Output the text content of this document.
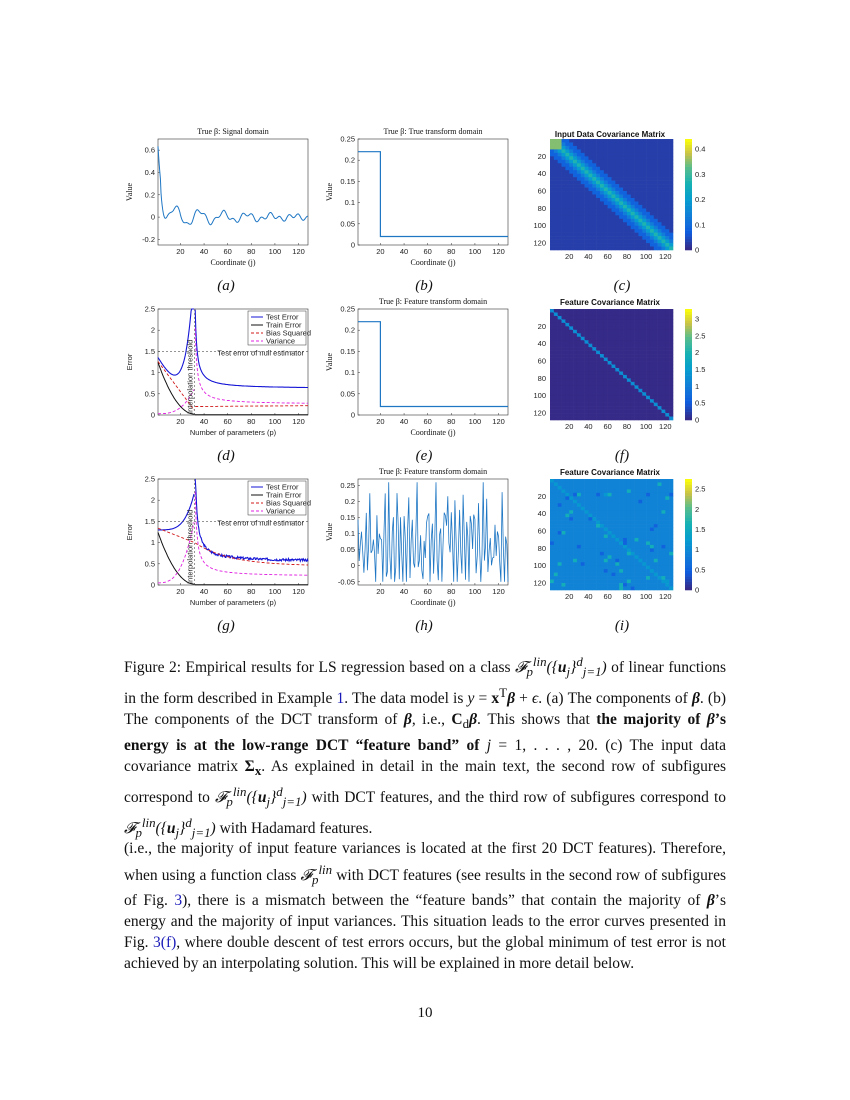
True β: Signal domain
20 40 60 80 100 120
-0.2
0
0.2
0.4
0.6
Coordinate (j)
Value
(a)
True β: True transform domain
20 40 60 80 100 120
0
0.05
0.1
0.15
0.2
0.25
Coordinate (j)
Value
(b)
Input Data Covariance Matrix
20 40 60 80 100 120
20
40
60
80
100
120
0
0.1
0.2
0.3
0.4
(c)
20 40 60 80 100 120
0
0.5
1
1.5
2
2.5
Number of parameters (p)
Error
Test error of null estimator
Interpolation threshold
Test Error
Train Error
Bias Squared
Variance
(d)
True β: Feature transform domain
20 40 60 80 100 120
0
0.05
0.1
0.15
0.2
0.25
Coordinate (j)
Value
(e)
Feature Covariance Matrix
20 40 60 80 100 120
20
40
60
80
100
120
0
0.5
1
1.5
2
2.5
3
(f)
20 40 60 80 100 120
0
0.5
1
1.5
2
2.5
Number of parameters (p)
Error
Test error of null estimator
Interpolation threshold
Test Error
Train Error
Bias Squared
Variance
(g)
True β: Feature transform domain
20 40 60 80 100 120
-0.05
0
0.05
0.1
0.15
0.2
0.25
Coordinate (j)
Value
(h)
Feature Covariance Matrix
20 40 60 80 100 120
20
40
60
80
100
120
0
0.5
1
1.5
2
2.5
(i)
Figure 2: Empirical results for LS regression based on a class $𝓕_p^{lin}(\{u_j\}^d_{j=1})$ of linear functions in the form described in Example 1. The data model is $y = x^T\beta + \epsilon$. (a) The components of β. (b) The components of the DCT transform of β, i.e., $C_d\beta$. This shows that the majority of β’s energy is at the low-range DCT “feature band” of j = 1, . . . , 20. (c) The input data covariance matrix $\Sigma_x$. As explained in detail in the main text, the second row of subfigures correspond to $𝓕_p^{lin}(\{u_j\}^d_{j=1})$ with DCT features, and the third row of subfigures correspond to $𝓕_p^{lin}(\{u_j\}^d_{j=1})$ with Hadamard features.
(i.e., the majority of input feature variances is located at the first 20 DCT features). Therefore, when using a function class 𝓕$_p^{lin}$ with DCT features (see results in the second row of subfigures of Fig. 3), there is a mismatch between the “feature bands” that contain the majority of β’s energy and the majority of input variances. This situation leads to the error curves presented in Fig. 3(f), where double descent of test errors occurs, but the global minimum of test error is not achieved by an interpolating solution. This will be explained in more detail below.
10
